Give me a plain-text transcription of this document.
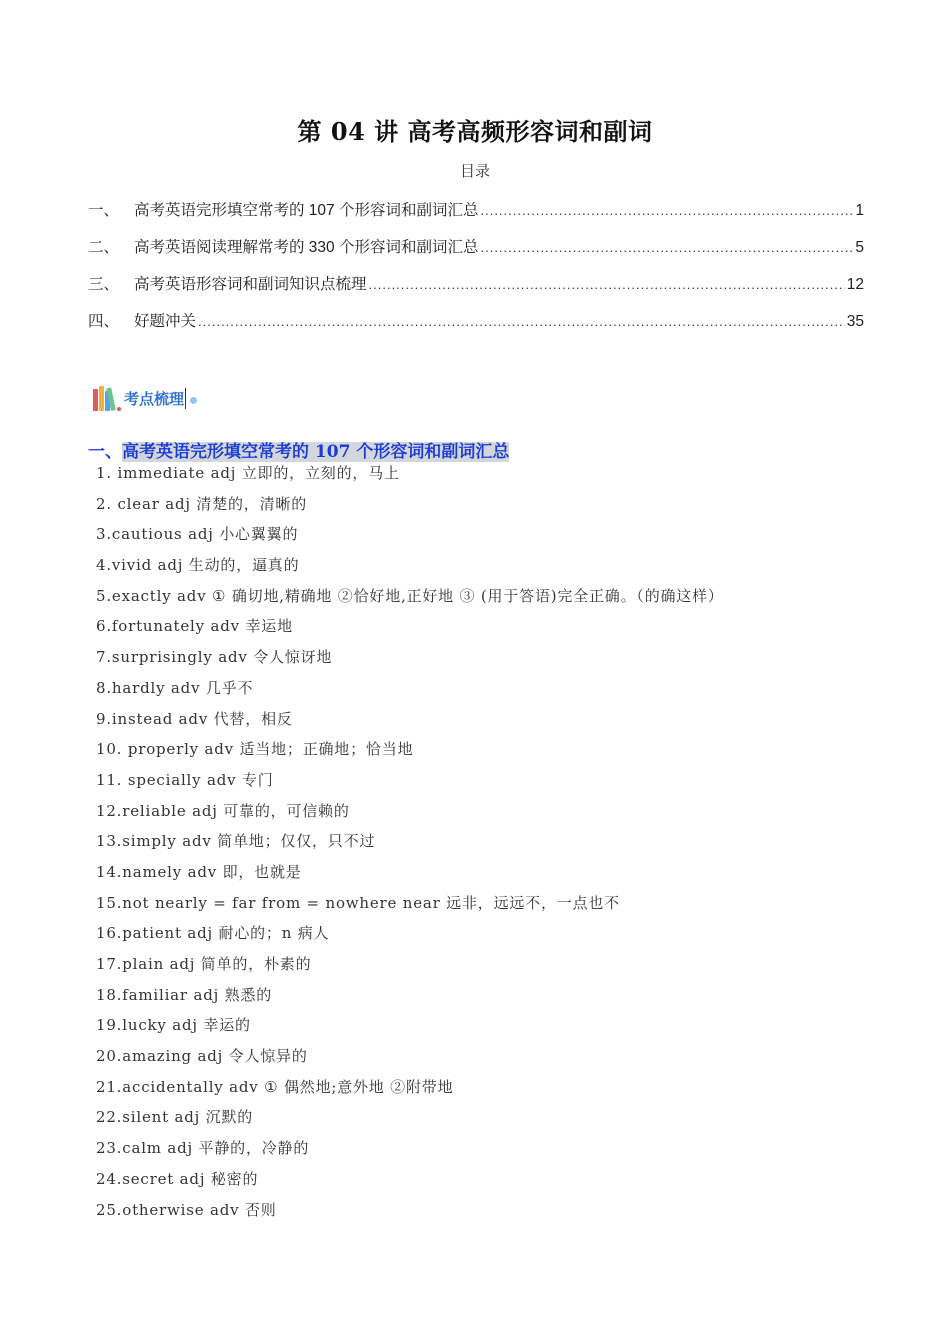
第 04 讲 高考高频形容词和副词
目录
一、 高考英语完形填空常考的 107 个形容词和副词汇总 .....	1
二、 高考英语阅读理解常考的 330 个形容词和副词汇总 .....	5
三、 高考英语形容词和副词知识点梳理 .....	12
四、 好题冲关 .....	35
考点梳理
一、高考英语完形填空常考的 107 个形容词和副词汇总
1. immediate adj 立即的，立刻的，马上
2. clear adj 清楚的，清晰的
3.cautious adj 小心翼翼的
4.vivid adj 生动的，逼真的
5.exactly adv ① 确切地,精确地 ②恰好地,正好地 ③ (用于答语)完全正确。（的确这样）
6.fortunately adv 幸运地
7.surprisingly adv 令人惊讶地
8.hardly adv 几乎不
9.instead adv 代替，相反
10. properly adv 适当地；正确地；恰当地
11. specially adv 专门
12.reliable adj 可靠的，可信赖的
13.simply adv 简单地；仅仅，只不过
14.namely adv 即，也就是
15.not nearly = far from = nowhere near 远非，远远不，一点也不
16.patient adj 耐心的；n 病人
17.plain adj 简单的，朴素的
18.familiar adj 熟悉的
19.lucky adj 幸运的
20.amazing adj 令人惊异的
21.accidentally adv ① 偶然地;意外地 ②附带地
22.silent adj 沉默的
23.calm adj 平静的，冷静的
24.secret adj 秘密的
25.otherwise adv 否则
